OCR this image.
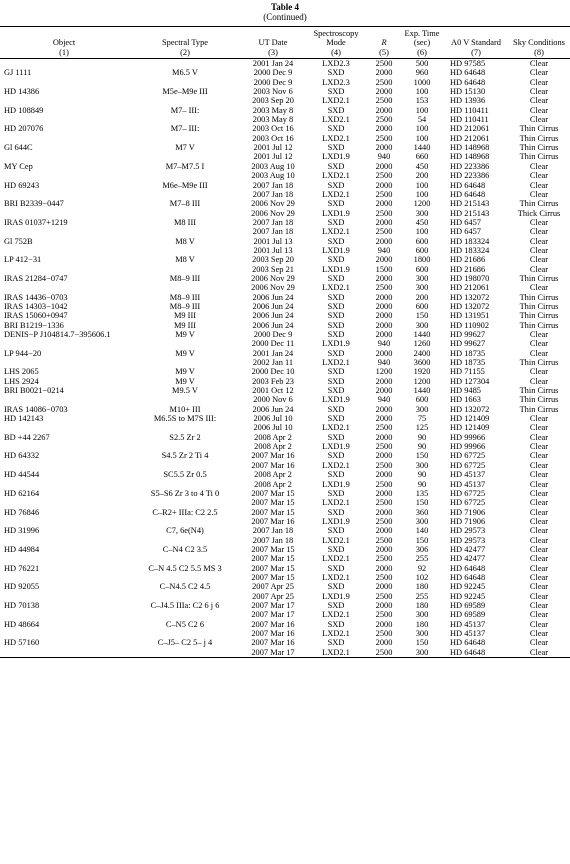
Table 4
(Continued)
Object	Spectral Type	UT Date	Spectroscopy Mode	R	Exp. Time (sec)	A0 V Standard	Sky Conditions
(1)	(2)	(3)	(4)	(5)	(6)	(7)	(8)
		2001 Jan 24	LXD2.3	2500	500	HD 97585	Clear
GJ 1111	M6.5 V	2000 Dec 9	SXD	2000	960	HD 64648	Clear
		2000 Dec 9	LXD2.3	2500	1000	HD 64648	Clear
HD 14386	M5e–M9e III	2003 Nov 6	SXD	2000	100	HD 15130	Clear
		2003 Sep 20	LXD2.1	2500	153	HD 13936	Clear
HD 108849	M7– III:	2003 May 8	SXD	2000	100	HD 110411	Clear
		2003 May 8	LXD2.1	2500	54	HD 110411	Clear
HD 207076	M7– III:	2003 Oct 16	SXD	2000	100	HD 212061	Thin Cirrus
		2003 Oct 16	LXD2.1	2500	100	HD 212061	Thin Cirrus
Gl 644C	M7 V	2001 Jul 12	SXD	2000	1440	HD 148968	Thin Cirrus
		2001 Jul 12	LXD1.9	940	660	HD 148968	Thin Cirrus
MY Cep	M7–M7.5 I	2003 Aug 10	SXD	2000	450	HD 223386	Clear
		2003 Aug 10	LXD2.1	2500	200	HD 223386	Clear
HD 69243	M6e–M9e III	2007 Jan 18	SXD	2000	100	HD 64648	Clear
		2007 Jan 18	LXD2.1	2500	100	HD 64648	Clear
BRI B2339−0447	M7–8 III	2006 Nov 29	SXD	2000	1200	HD 215143	Thin Cirrus
		2006 Nov 29	LXD1.9	2500	300	HD 215143	Thick Cirrus
IRAS 01037+1219	M8 III	2007 Jan 18	SXD	2000	450	HD 6457	Clear
		2007 Jan 18	LXD2.1	2500	100	HD 6457	Clear
Gl 752B	M8 V	2001 Jul 13	SXD	2000	600	HD 183324	Clear
		2001 Jul 13	LXD1.9	940	600	HD 183324	Clear
LP 412−31	M8 V	2003 Sep 20	SXD	2000	1800	HD 21686	Clear
		2003 Sep 21	LXD1.9	1500	600	HD 21686	Clear
IRAS 21284−0747	M8–9 III	2006 Nov 29	SXD	2000	300	HD 198070	Thin Cirrus
		2006 Nov 29	LXD2.1	2500	300	HD 212061	Clear
IRAS 14436−0703	M8–9 III	2006 Jun 24	SXD	2000	200	HD 132072	Thin Cirrus
IRAS 14303−1042	M8–9 III	2006 Jun 24	SXD	2000	600	HD 132072	Thin Cirrus
IRAS 15060+0947	M9 III	2006 Jun 24	SXD	2000	150	HD 131951	Thin Cirrus
BRI B1219−1336	M9 III	2006 Jun 24	SXD	2000	300	HD 110902	Thin Cirrus
DENIS−P J104814.7−395606.1	M9 V	2000 Dec 9	SXD	2000	1440	HD 99627	Clear
		2000 Dec 11	LXD1.9	940	1260	HD 99627	Clear
LP 944−20	M9 V	2001 Jan 24	SXD	2000	2400	HD 18735	Clear
		2002 Jan 11	LXD2.1	940	3600	HD 18735	Thin Cirrus
LHS 2065	M9 V	2000 Dec 10	SXD	1200	1920	HD 71155	Clear
LHS 2924	M9 V	2003 Feb 23	SXD	2000	1200	HD 127304	Clear
BRI B0021−0214	M9.5 V	2001 Oct 12	SXD	2000	1440	HD 9485	Thin Cirrus
		2000 Nov 6	LXD1.9	940	600	HD 1663	Thin Cirrus
IRAS 14086−0703	M10+ III	2006 Jun 24	SXD	2000	300	HD 132072	Thin Cirrus
HD 142143	M6.5S to M7S III:	2006 Jul 10	SXD	2000	75	HD 121409	Clear
		2006 Jul 10	LXD2.1	2500	125	HD 121409	Clear
BD +44 2267	S2.5 Zr 2	2008 Apr 2	SXD	2000	90	HD 99966	Clear
		2008 Apr 2	LXD1.9	2500	90	HD 99966	Clear
HD 64332	S4.5 Zr 2 Ti 4	2007 Mar 16	SXD	2000	150	HD 67725	Clear
		2007 Mar 16	LXD2.1	2500	300	HD 67725	Clear
HD 44544	SC5.5 Zr 0.5	2008 Apr 2	SXD	2000	90	HD 45137	Clear
		2008 Apr 2	LXD1.9	2500	90	HD 45137	Clear
HD 62164	S5–S6 Zr 3 to 4 Ti 0	2007 Mar 15	SXD	2000	135	HD 67725	Clear
		2007 Mar 15	LXD2.1	2500	150	HD 67725	Clear
HD 76846	C–R2+ IIIa: C2 2.5	2007 Mar 15	SXD	2000	360	HD 71906	Clear
		2007 Mar 16	LXD1.9	2500	300	HD 71906	Clear
HD 31996	C7, 6e(N4)	2007 Jan 18	SXD	2000	140	HD 29573	Clear
		2007 Jan 18	LXD2.1	2500	150	HD 29573	Clear
HD 44984	C–N4 C2 3.5	2007 Mar 15	SXD	2000	306	HD 42477	Clear
		2007 Mar 15	LXD2.1	2500	255	HD 42477	Clear
HD 76221	C–N 4.5 C2 5.5 MS 3	2007 Mar 15	SXD	2000	92	HD 64648	Clear
		2007 Mar 15	LXD2.1	2500	102	HD 64648	Clear
HD 92055	C–N4.5 C2 4.5	2007 Apr 25	SXD	2000	180	HD 92245	Clear
		2007 Apr 25	LXD1.9	2500	255	HD 92245	Clear
HD 70138	C–J4.5 IIIa: C2 6 j 6	2007 Mar 17	SXD	2000	180	HD 69589	Clear
		2007 Mar 17	LXD2.1	2500	300	HD 69589	Clear
HD 48664	C–N5 C2 6	2007 Mar 16	SXD	2000	180	HD 45137	Clear
		2007 Mar 16	LXD2.1	2500	300	HD 45137	Clear
HD 57160	C–J5– C2 5– j 4	2007 Mar 16	SXD	2000	150	HD 64648	Clear
		2007 Mar 17	LXD2.1	2500	300	HD 64648	Clear
